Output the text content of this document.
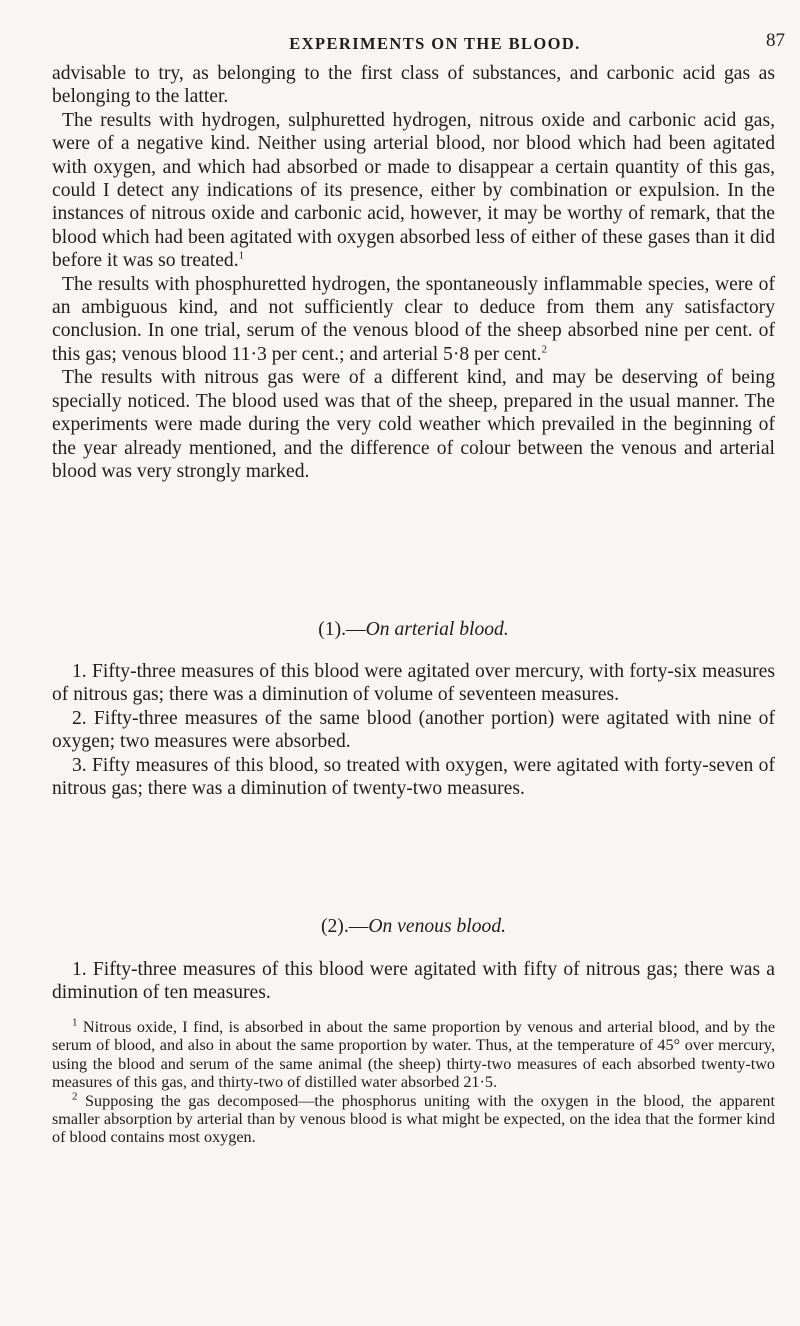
EXPERIMENTS ON THE BLOOD.	87

advisable to try, as belonging to the first class of substances, and carbonic acid gas as belonging to the latter.

The results with hydrogen, sulphuretted hydrogen, nitrous oxide and carbonic acid gas, were of a negative kind. Neither using arterial blood, nor blood which had been agitated with oxygen, and which had absorbed or made to disappear a certain quantity of this gas, could I detect any indications of its presence, either by combination or expulsion. In the instances of nitrous oxide and carbonic acid, however, it may be worthy of remark, that the blood which had been agitated with oxygen absorbed less of either of these gases than it did before it was so treated.$^1$

The results with phosphuretted hydrogen, the spontaneously inflammable species, were of an ambiguous kind, and not sufficiently clear to deduce from them any satisfactory conclusion. In one trial, serum of the venous blood of the sheep absorbed nine per cent. of this gas; venous blood 11·3 per cent.; and arterial 5·8 per cent.$^2$

The results with nitrous gas were of a different kind, and may be deserving of being specially noticed. The blood used was that of the sheep, prepared in the usual manner. The experiments were made during the very cold weather which prevailed in the beginning of the year already mentioned, and the difference of colour between the venous and arterial blood was very strongly marked.

(1).—On arterial blood.

1. Fifty-three measures of this blood were agitated over mercury, with forty-six measures of nitrous gas; there was a diminution of volume of seventeen measures.

2. Fifty-three measures of the same blood (another portion) were agitated with nine of oxygen; two measures were absorbed.

3. Fifty measures of this blood, so treated with oxygen, were agitated with forty-seven of nitrous gas; there was a diminution of twenty-two measures.

(2).—On venous blood.

1. Fifty-three measures of this blood were agitated with fifty of nitrous gas; there was a diminution of ten measures.

$^1$ Nitrous oxide, I find, is absorbed in about the same proportion by venous and arterial blood, and by the serum of blood, and also in about the same proportion by water. Thus, at the temperature of 45° over mercury, using the blood and serum of the same animal (the sheep) thirty-two measures of each absorbed twenty-two measures of this gas, and thirty-two of distilled water absorbed 21·5.

$^2$ Supposing the gas decomposed—the phosphorus uniting with the oxygen in the blood, the apparent smaller absorption by arterial than by venous blood is what might be expected, on the idea that the former kind of blood contains most oxygen.
